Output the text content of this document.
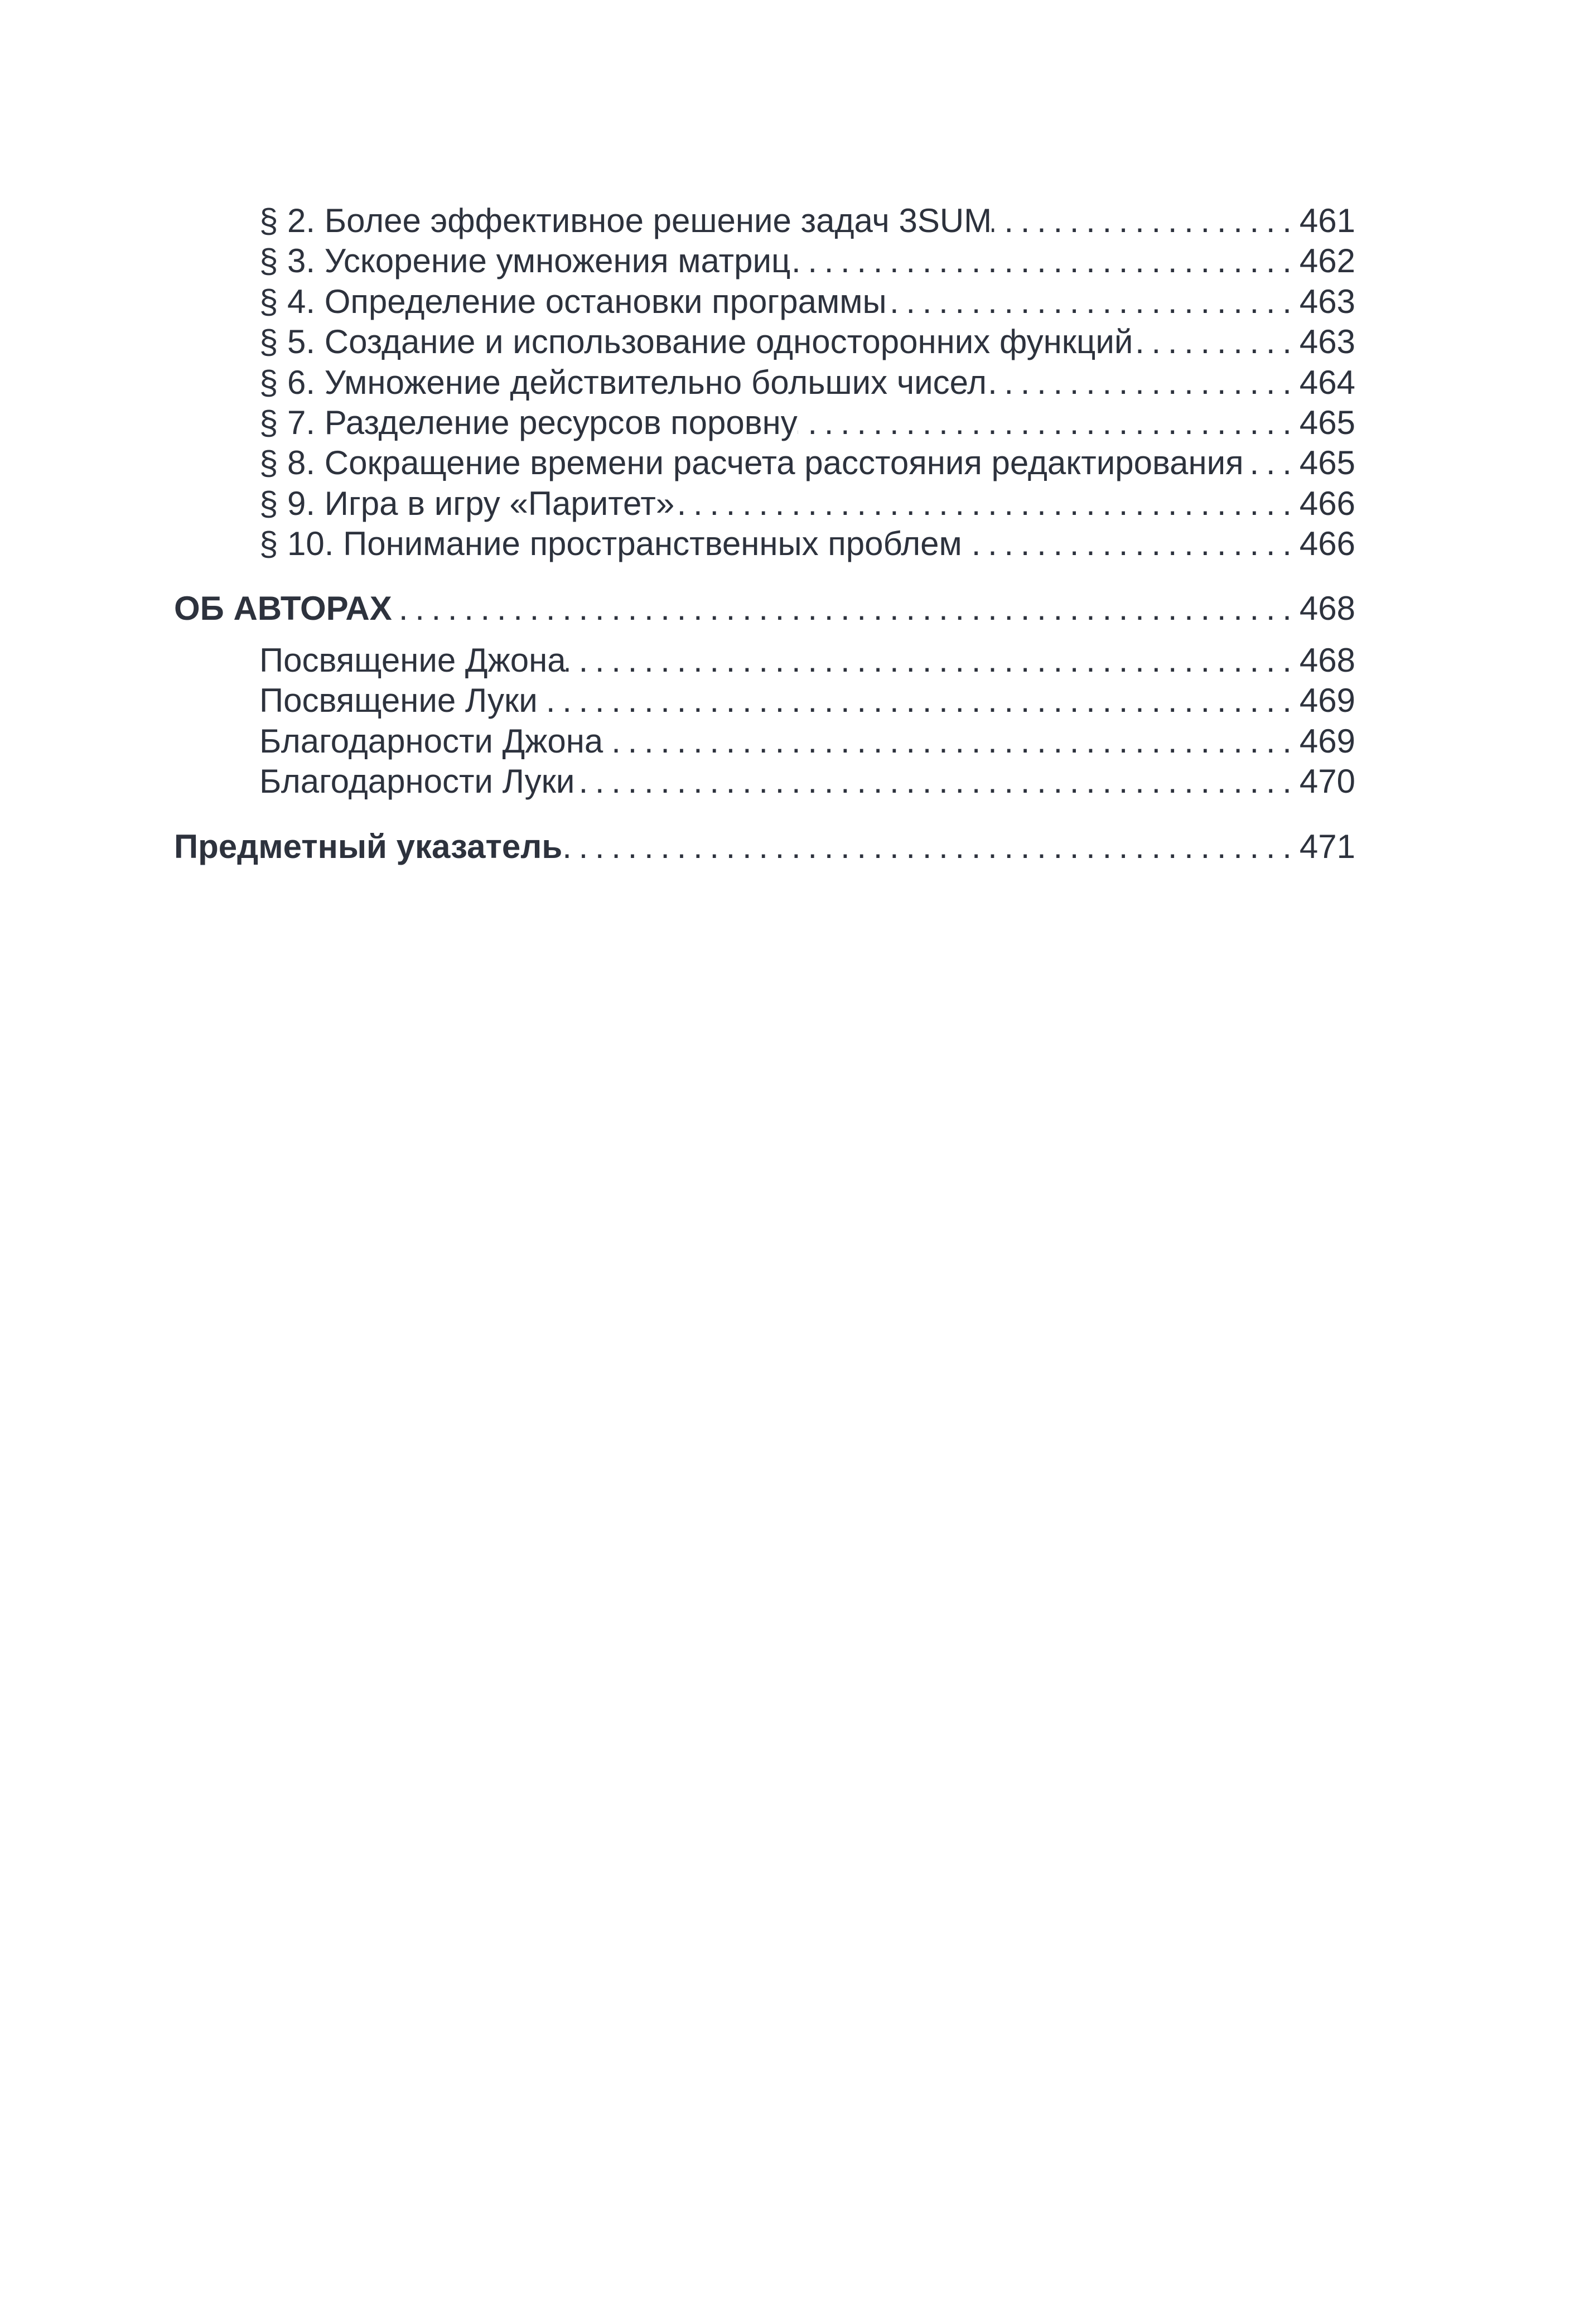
§ 2. Более эффективное решение задач 3SUM . . .	461
§ 3. Ускорение умножения матриц . . .	462
§ 4. Определение остановки программы . . .	463
§ 5. Создание и использование односторонних функций . . .	463
§ 6. Умножение действительно больших чисел . . .	464
§ 7. Разделение ресурсов поровну . . .	465
§ 8. Сокращение времени расчета расстояния редактирования . . . 465
§ 9. Игра в игру «Паритет» . . .	466
§ 10. Понимание пространственных проблем . . .	466
ОБ АВТОРАХ . . .	468
Посвящение Джона . . .	468
Посвящение Луки . . .	469
Благодарности Джона . . .	469
Благодарности Луки . . .	470
Предметный указатель . . .	471
